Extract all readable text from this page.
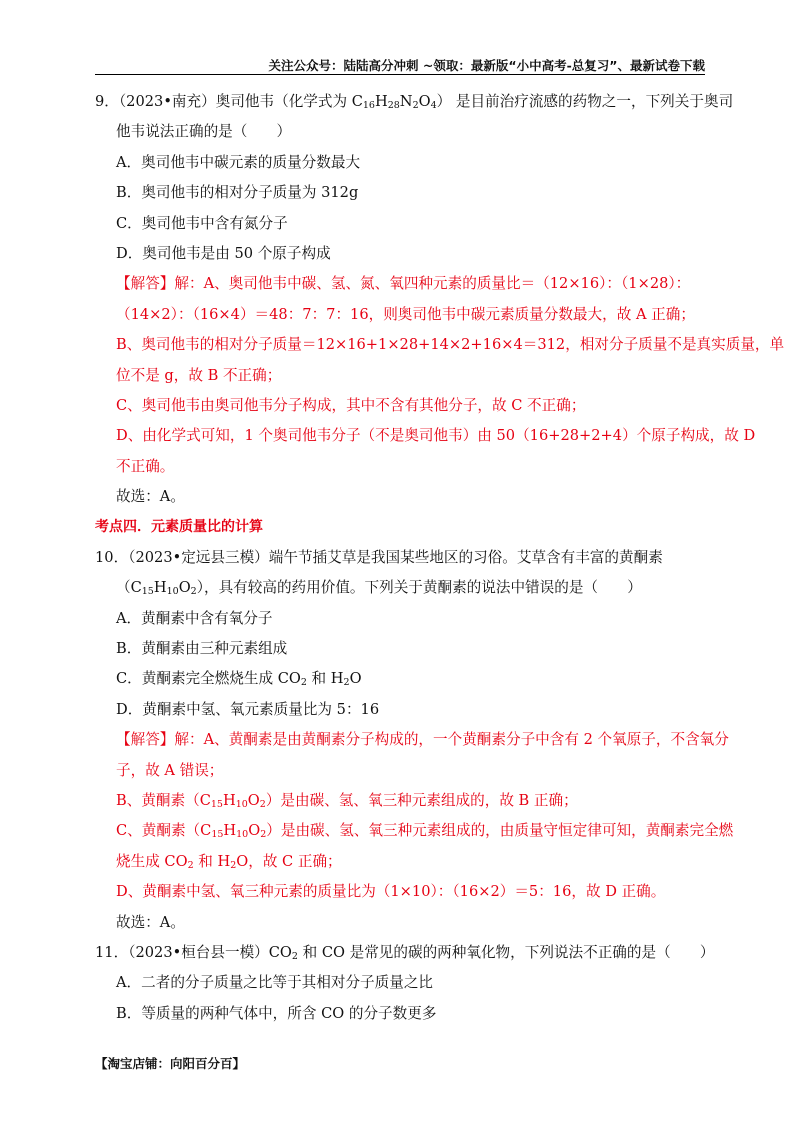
关注公众号：陆陆高分冲刺 ~领取：最新版“小中高考-总复习”、最新试卷下载
9．（2023•南充）奥司他韦（化学式为 $C_{16}H_{28}N_2O_4$） 是目前治疗流感的药物之一，下列关于奥司
他韦说法正确的是（　　）
A．奥司他韦中碳元素的质量分数最大
B．奥司他韦的相对分子质量为 312g
C．奥司他韦中含有氮分子
D．奥司他韦是由 50 个原子构成
【解答】解：A、奥司他韦中碳、氢、氮、氧四种元素的质量比＝（12×16）：（1×28）：
（14×2）：（16×4）＝48：7：7：16，则奥司他韦中碳元素质量分数最大，故 A 正确；
B、奥司他韦的相对分子质量＝12×16+1×28+14×2+16×4＝312，相对分子质量不是真实质量，单
位不是 g，故 B 不正确；
C、奥司他韦由奥司他韦分子构成，其中不含有其他分子，故 C 不正确；
D、由化学式可知，1 个奥司他韦分子（不是奥司他韦）由 50（16+28+2+4）个原子构成，故 D
不正确。
故选：A。
考点四．元素质量比的计算
10．（2023•定远县三模）端午节插艾草是我国某些地区的习俗。艾草含有丰富的黄酮素
$(C_{15}H_{10}O_2)$，具有较高的药用价值。下列关于黄酮素的说法中错误的是（　　）
A．黄酮素中含有氧分子
B．黄酮素由三种元素组成
C．黄酮素完全燃烧生成 $CO_2$ 和 $H_2O$
D．黄酮素中氢、氧元素质量比为 5：16
【解答】解：A、黄酮素是由黄酮素分子构成的，一个黄酮素分子中含有 2 个氧原子，不含氧分
子，故 A 错误；
B、黄酮素$(C_{15}H_{10}O_2)$是由碳、氢、氧三种元素组成的，故 B 正确；
C、黄酮素$(C_{15}H_{10}O_2)$是由碳、氢、氧三种元素组成的，由质量守恒定律可知，黄酮素完全燃
烧生成 $CO_2$ 和 $H_2O$，故 C 正确；
D、黄酮素中氢、氧三种元素的质量比为（1×10）：（16×2）＝5：16，故 D 正确。
故选：A。
11．（2023•桓台县一模）$CO_2$ 和 CO 是常见的碳的两种氧化物，下列说法不正确的是（　　）
A．二者的分子质量之比等于其相对分子质量之比
B．等质量的两种气体中，所含 CO 的分子数更多
【淘宝店铺：向阳百分百】
